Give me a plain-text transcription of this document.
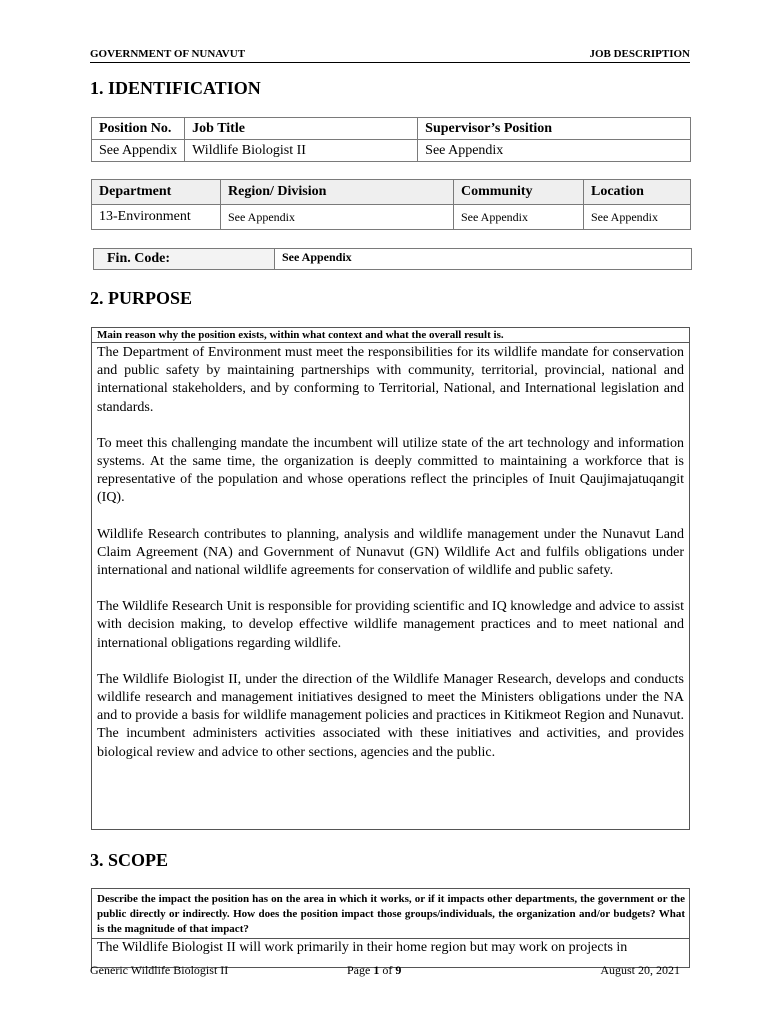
GOVERNMENT OF NUNAVUT	JOB DESCRIPTION
1. IDENTIFICATION
Position No.	Job Title	Supervisor’s Position
See Appendix	Wildlife Biologist II	See Appendix
Department	Region/ Division	Community	Location
13-Environment	See Appendix	See Appendix	See Appendix
Fin. Code:	See Appendix
2. PURPOSE
Main reason why the position exists, within what context and what the overall result is.

The Department of Environment must meet the responsibilities for its wildlife mandate for conservation and public safety by maintaining partnerships with community, territorial, provincial, national and international stakeholders, and by conforming to Territorial, National, and International legislation and standards.

To meet this challenging mandate the incumbent will utilize state of the art technology and information systems. At the same time, the organization is deeply committed to maintaining a workforce that is representative of the population and whose operations reflect the principles of Inuit Qaujimajatuqangit (IQ).

Wildlife Research contributes to planning, analysis and wildlife management under the Nunavut Land Claim Agreement (NA) and Government of Nunavut (GN) Wildlife Act and fulfils obligations under international and national wildlife agreements for conservation of wildlife and public safety.

The Wildlife Research Unit is responsible for providing scientific and IQ knowledge and advice to assist with decision making, to develop effective wildlife management practices and to meet national and international obligations regarding wildlife.

The Wildlife Biologist II, under the direction of the Wildlife Manager Research, develops and conducts wildlife research and management initiatives designed to meet the Ministers obligations under the NA and to provide a basis for wildlife management policies and practices in Kitikmeot Region and Nunavut. The incumbent administers activities associated with these initiatives and activities, and provides biological review and advice to other sections, agencies and the public.

3. SCOPE
Describe the impact the position has on the area in which it works, or if it impacts other departments, the government or the public directly or indirectly. How does the position impact those groups/individuals, the organization and/or budgets? What is the magnitude of that impact?
The Wildlife Biologist II will work primarily in their home region but may work on projects in
Generic Wildlife Biologist II	Page 1 of 9	August 20, 2021
